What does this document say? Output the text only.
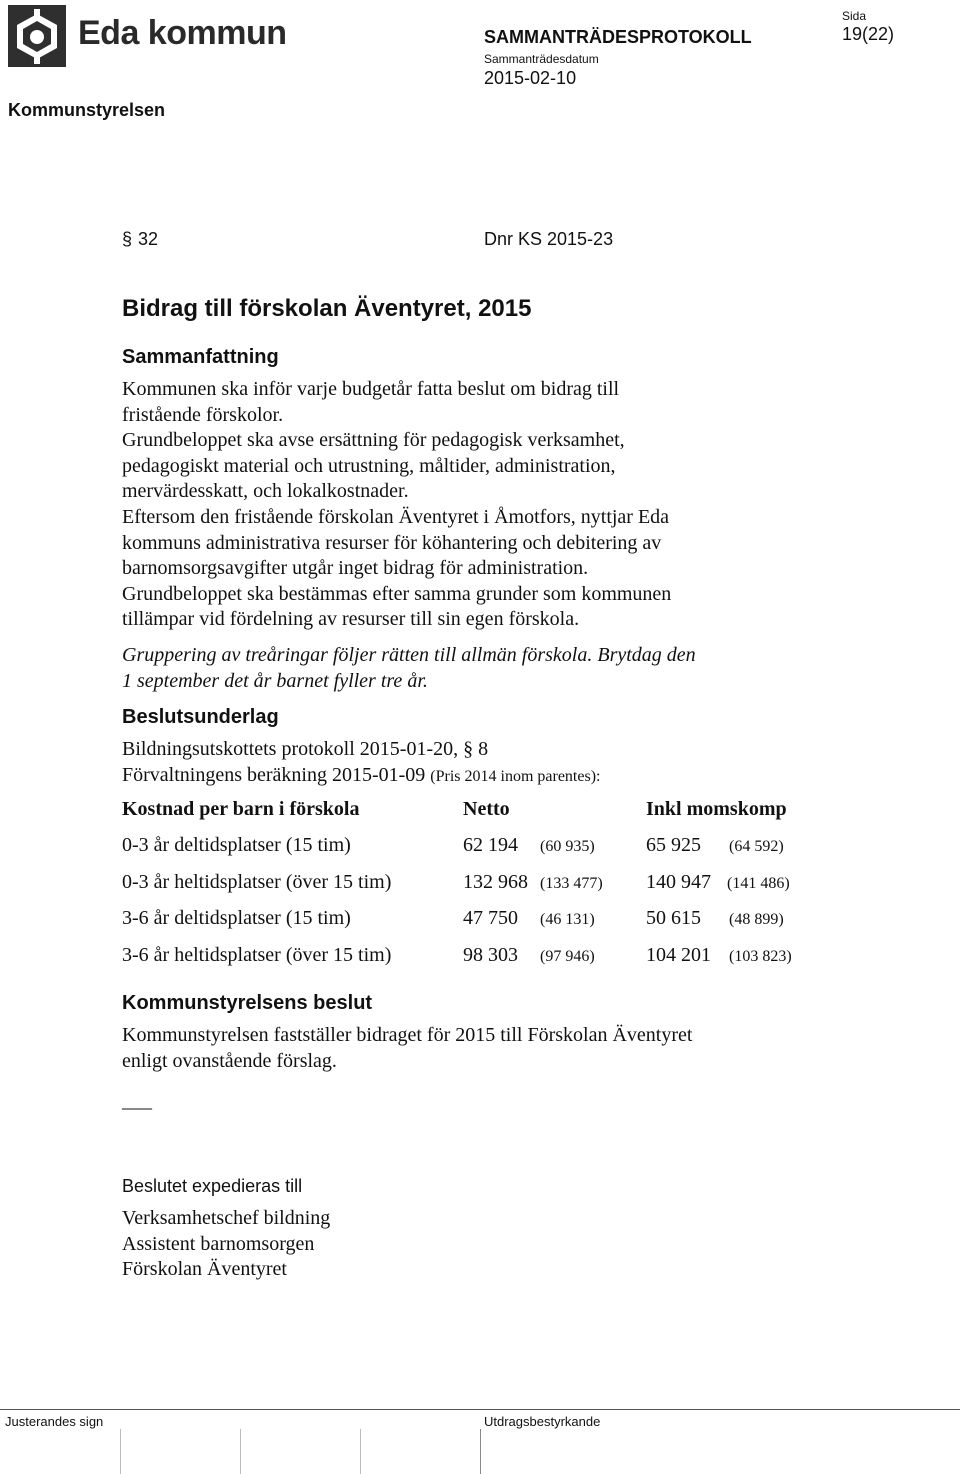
Eda kommun	SAMMANTRÄDESPROTOKOLL
Sammanträdesdatum
2015-02-10
Sida
19(22)
Kommunstyrelsen
§ 32	Dnr KS 2015-23
Bidrag till förskolan Äventyret, 2015
Sammanfattning
Kommunen ska inför varje budgetår fatta beslut om bidrag till
fristående förskolor.
Grundbeloppet ska avse ersättning för pedagogisk verksamhet,
pedagogiskt material och utrustning, måltider, administration,
mervärdesskatt, och lokalkostnader.
Eftersom den fristående förskolan Äventyret i Åmotfors, nyttjar Eda
kommuns administrativa resurser för köhantering och debitering av
barnomsorgsavgifter utgår inget bidrag för administration.
Grundbeloppet ska bestämmas efter samma grunder som kommunen
tillämpar vid fördelning av resurser till sin egen förskola.
Gruppering av treåringar följer rätten till allmän förskola. Brytdag den
1 september det år barnet fyller tre år.
Beslutsunderlag
Bildningsutskottets protokoll 2015-01-20, § 8
Förvaltningens beräkning 2015-01-09 (Pris 2014 inom parentes):
Kostnad per barn i förskola	Netto	Inkl momskomp
0-3 år deltidsplatser (15 tim)	62 194 (60 935)	65 925 (64 592)
0-3 år heltidsplatser (över 15 tim)	132 968 (133 477) 140 947 (141 486)
3-6 år deltidsplatser (15 tim)	47 750 (46 131)	50 615 (48 899)
3-6 år heltidsplatser (över 15 tim)	98 303 (97 946)	104 201 (103 823)
Kommunstyrelsens beslut
Kommunstyrelsen fastställer bidraget för 2015 till Förskolan Äventyret
enligt ovanstående förslag.
___
Beslutet expedieras till
Verksamhetschef bildning
Assistent barnomsorgen
Förskolan Äventyret
Justerandes sign	Utdragsbestyrkande
